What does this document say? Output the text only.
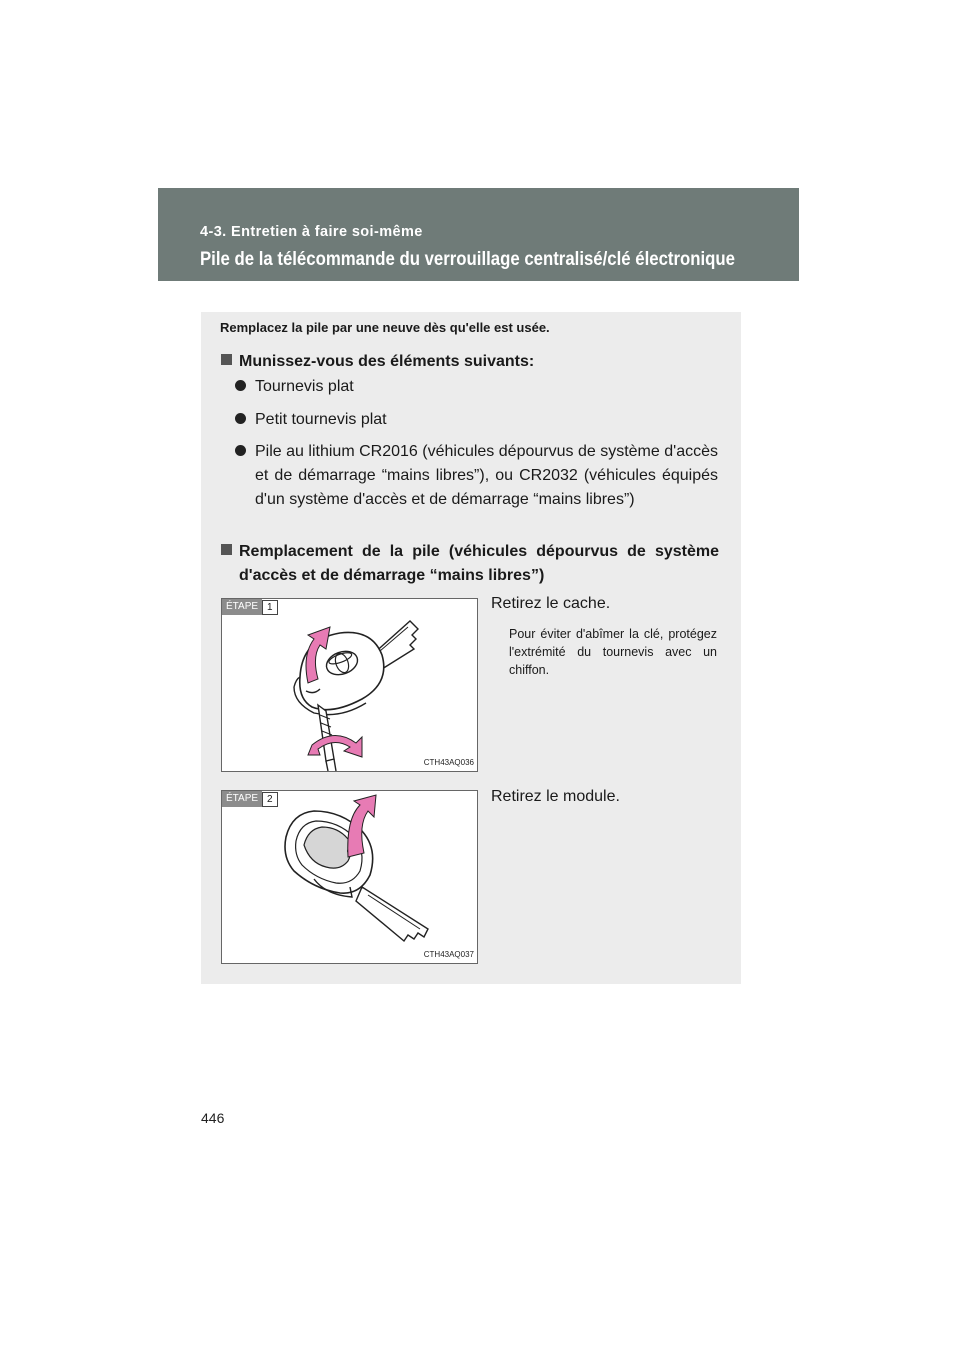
4-3. Entretien à faire soi-même
Pile de la télécommande du verrouillage centralisé/clé électronique
Remplacez la pile par une neuve dès qu'elle est usée.
Munissez-vous des éléments suivants:
Tournevis plat
Petit tournevis plat
Pile au lithium CR2016 (véhicules dépourvus de système d'accès et de démarrage “mains libres”), ou CR2032 (véhicules équipés d'un système d'accès et de démarrage “mains libres”)
Remplacement de la pile (véhicules dépourvus de système d'accès et de démarrage “mains libres”)
ÉTAPE 1
CTH43AQ036
Retirez le cache.
Pour éviter d'abîmer la clé, protégez l'extrémité du tournevis avec un chiffon.
ÉTAPE 2
CTH43AQ037
Retirez le module.
446
